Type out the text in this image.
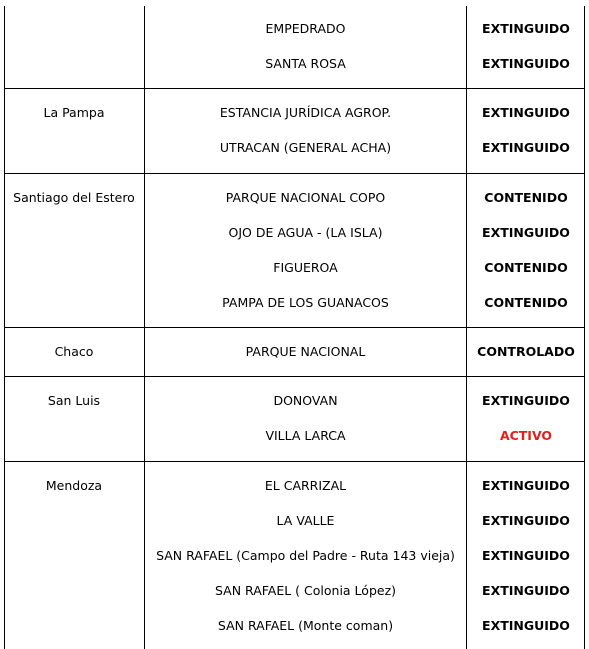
EMPEDRADO	EXTINGUIDO
SANTA ROSA	EXTINGUIDO
La Pampa	ESTANCIA JURÍDICA AGROP.	EXTINGUIDO
UTRACAN (GENERAL ACHA)	EXTINGUIDO
Santiago del Estero	PARQUE NACIONAL COPO	CONTENIDO
OJO DE AGUA - (LA ISLA)	EXTINGUIDO
FIGUEROA	CONTENIDO
PAMPA DE LOS GUANACOS	CONTENIDO
Chaco	PARQUE NACIONAL	CONTROLADO
San Luis	DONOVAN	EXTINGUIDO
VILLA LARCA	ACTIVO
Mendoza	EL CARRIZAL	EXTINGUIDO
LA VALLE	EXTINGUIDO
SAN RAFAEL (Campo del Padre - Ruta 143 vieja)	EXTINGUIDO
SAN RAFAEL ( Colonia López)	EXTINGUIDO
SAN RAFAEL (Monte coman)	EXTINGUIDO
